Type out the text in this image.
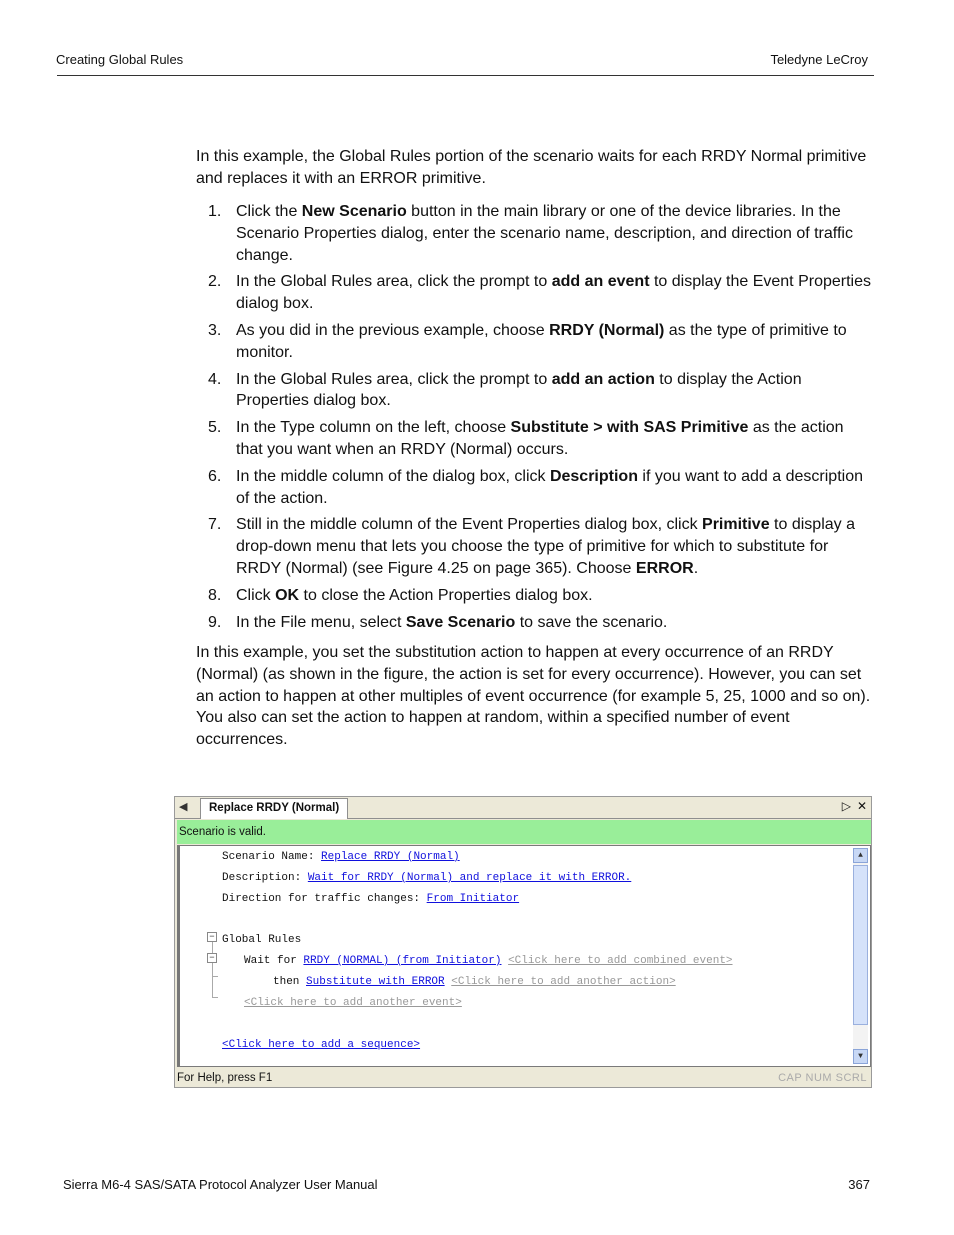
Creating Global Rules	Teledyne LeCroy
In this example, the Global Rules portion of the scenario waits for each RRDY Normal primitive and replaces it with an ERROR primitive.
1. Click the New Scenario button in the main library or one of the device libraries. In the Scenario Properties dialog, enter the scenario name, description, and direction of traffic change.
2. In the Global Rules area, click the prompt to add an event to display the Event Properties dialog box.
3. As you did in the previous example, choose RRDY (Normal) as the type of primitive to monitor.
4. In the Global Rules area, click the prompt to add an action to display the Action Properties dialog box.
5. In the Type column on the left, choose Substitute > with SAS Primitive as the action that you want when an RRDY (Normal) occurs.
6. In the middle column of the dialog box, click Description if you want to add a description of the action.
7. Still in the middle column of the Event Properties dialog box, click Primitive to display a drop-down menu that lets you choose the type of primitive for which to substitute for RRDY (Normal) (see Figure 4.25 on page 365). Choose ERROR.
8. Click OK to close the Action Properties dialog box.
9. In the File menu, select Save Scenario to save the scenario.
In this example, you set the substitution action to happen at every occurrence of an RRDY (Normal) (as shown in the figure, the action is set for every occurrence). However, you can set an action to happen at other multiples of event occurrence (for example 5, 25, 1000 and so on). You also can set the action to happen at random, within a specified number of event occurrences.
◀	Replace RRDY (Normal)	▷ ✕
Scenario is valid.
Scenario Name: Replace RRDY (Normal)
Description: Wait for RRDY (Normal) and replace it with ERROR.
Direction for traffic changes: From Initiator
− Global Rules
−	Wait for RRDY (NORMAL) (from Initiator) <Click here to add combined event>
then Substitute with ERROR <Click here to add another action>
<Click here to add another event>
<Click here to add a sequence>
▲
▼
For Help, press F1	CAP NUM SCRL
Sierra M6-4 SAS/SATA Protocol Analyzer User Manual	367
